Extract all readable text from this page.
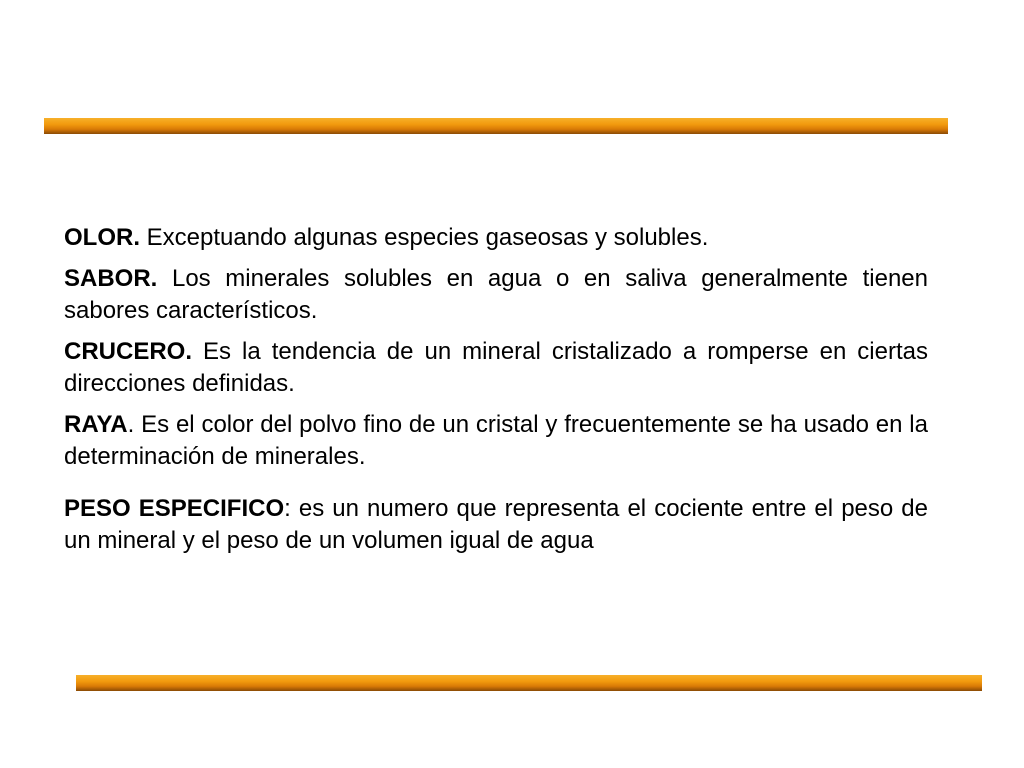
OLOR. Exceptuando algunas especies gaseosas y solubles.

SABOR. Los minerales solubles en agua o en saliva generalmente tienen sabores característicos.

CRUCERO. Es la tendencia de un mineral cristalizado a romperse en ciertas direcciones definidas.

RAYA. Es el color del polvo fino de un cristal y frecuentemente se ha usado en la determinación de minerales.

PESO ESPECIFICO: es un numero que representa el cociente entre el peso de un mineral y el peso de un volumen igual de agua
